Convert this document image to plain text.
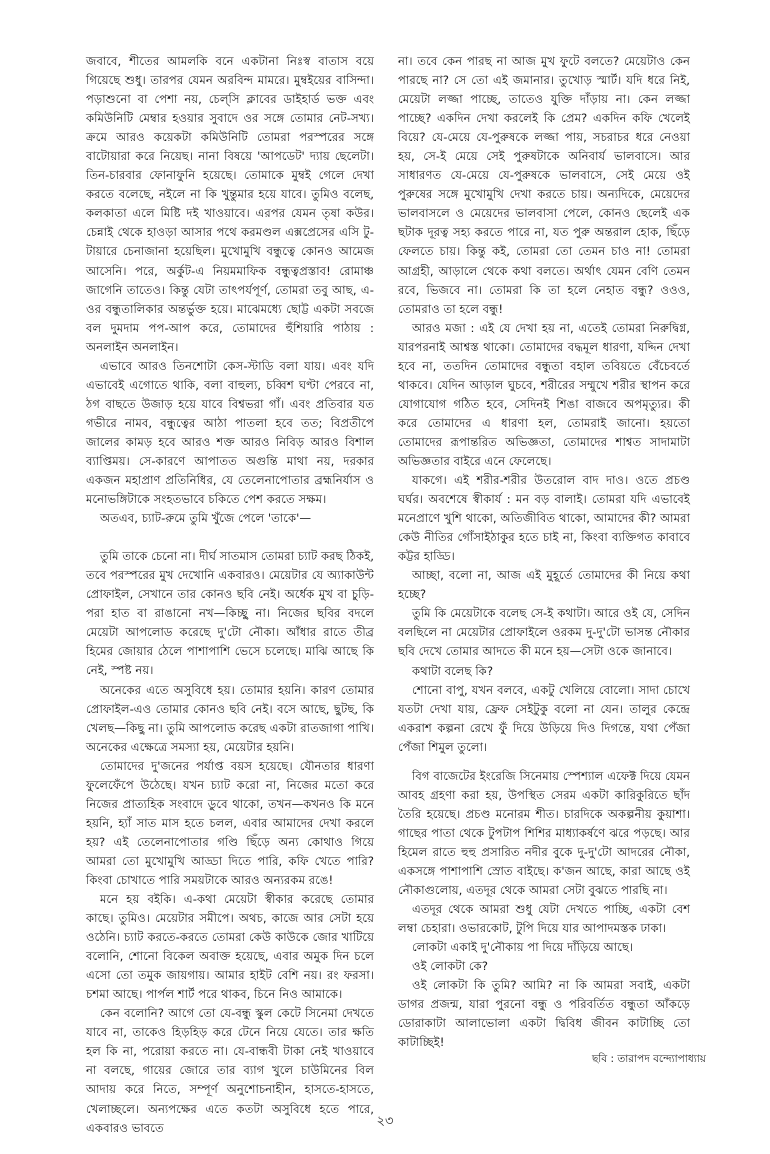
জবাবে, শীতের আমলকি বনে একটানা নিঃস্ব বাতাস বয়ে গিয়েছে শুধু। তারপর যেমন অরবিন্দ মামরে। মুম্বইয়ের বাসিন্দা। পড়াশুনো বা পেশা নয়, চেল্‌সি ক্লাবের ডাইহার্ড ভক্ত এবং কমিউনিটি মেম্বার হওয়ার সুবাদে ওর সঙ্গে তোমার নেট-সখ্য। ক্রমে আরও কয়েকটা কমিউনিটি তোমরা পরস্পরের সঙ্গে বাটোয়ারা করে নিয়েছ। নানা বিষয়ে 'আপডেট' দ্যায় ছেলেটা। তিন-চারবার ফোনাফুনি হয়েছে। তোমাকে মুম্বই গেলে দেখা করতে বলেছে, নইলে না কি খুন্তুমার হয়ে যাবে। তুমিও বলেছ, কলকাতা এলে মিষ্টি দই খাওয়াবে। এরপর যেমন তৃষা কউর। চেন্নাই থেকে হাওড়া আসার পথে করমণ্ডল এক্সপ্রেসের এসি টু-টায়ারে চেনাজানা হয়েছিল। মুখোমুখি বন্ধুত্বে কোনও আমেজ আসেনি। পরে, অর্কুট-এ নিয়মমাফিক বন্ধুত্বপ্রস্তাব! রোমাঞ্চ জাগেনি তাতেও। কিন্তু যেটা তাৎপর্যপূর্ণ, তোমরা তবু আছ, এ-ওর বন্ধুতালিকার অন্তর্ভুক্ত হয়ে। মাঝেমধ্যে ছোট্ট একটা সবজে বল দুমদাম পপ-আপ করে, তোমাদের হুঁশিয়ারি পাঠায় : অনলাইন অনলাইন।

এভাবে আরও তিনশোটা কেস-স্টাডি বলা যায়। এবং যদি এভাবেই এগোতে থাকি, বলা বাহুল্য, চব্বিশ ঘণ্টা পেরবে না, ঠগ বাছতে উজাড় হয়ে যাবে বিশ্বভরা গাঁ। এবং প্রতিবার যত গভীরে নামব, বন্ধুত্বের আঠা পাতলা হবে তত; বিপ্রতীপে জালের কামড় হবে আরও শক্ত আরও নিবিড় আরও বিশাল ব্যাপ্তিময়। সে-কারণে আপাতত অগুন্তি মাথা নয়, দরকার একজন মহাপ্রাণ প্রতিনিধির, যে তেলেনাপোতার ব্রহ্মনির্যাস ও মনোভঙ্গিটাকে সংহতভাবে চকিতে পেশ করতে সক্ষম।

অতএব, চ্যাট-রুমে তুমি খুঁজে পেলে 'তাকে'—

তুমি তাকে চেনো না। দীর্ঘ সাতমাস তোমরা চ্যাট করছ ঠিকই, তবে পরস্পরের মুখ দেখোনি একবারও। মেয়েটার যে অ্যাকাউন্ট প্রোফাইল, সেখানে তার কোনও ছবি নেই। অর্ধেক মুখ বা চুড়ি-পরা হাত বা রাঙানো নখ—কিচ্ছু না। নিজের ছবির বদলে মেয়েটা আপলোড করেছে দু'টো নৌকা। আঁধার রাতে তীব্র হিমের জোয়ার ঠেলে পাশাপাশি ভেসে চলেছে। মাঝি আছে কি নেই, স্পষ্ট নয়।

অনেকের এতে অসুবিধে হয়। তোমার হয়নি। কারণ তোমার প্রোফাইল-এও তোমার কোনও ছবি নেই। বসে আছে, ছুটছ, কি খেলছ—কিছু না। তুমি আপলোড করেছ একটা রাতজাগা পাখি। অনেকের এক্ষেত্রে সমস্যা হয়, মেয়েটার হয়নি।

তোমাদের দু'জনের পর্যাপ্ত বয়স হয়েছে। যৌনতার ধারণা ফুলেফেঁপে উঠেছে। যখন চ্যাট করো না, নিজের মতো করে নিজের প্রাত্যহিক সংবাদে ডুবে থাকো, তখন—কখনও কি মনে হয়নি, হ্যাঁ সাত মাস হতে চলল, এবার আমাদের দেখা করলে হয়? এই তেলেনাপোতার গণ্ডি ছিঁড়ে অন্য কোথাও গিয়ে আমরা তো মুখোমুখি আড্ডা দিতে পারি, কফি খেতে পারি? কিংবা চোখাতে পারি সময়টাকে আরও অন্যরকম রঙে!

মনে হয় বইকি। এ-কথা মেয়েটা স্বীকার করেছে তোমার কাছে। তুমিও। মেয়েটার সমীপে। অথচ, কাজে আর সেটা হয়ে ওঠেনি। চ্যাট করতে-করতে তোমরা কেউ কাউকে জোর খাটিয়ে বলোনি, শোনো বিকেল অবাক্ত হয়েছে, এবার অমুক দিন চলে এসো তো তমুক জায়গায়। আমার হাইট বেশি নয়। রং ফরসা। চশমা আছে। পার্পল শার্ট পরে থাকব, চিনে নিও আমাকে।

কেন বলোনি? আগে তো যে-বন্ধু স্কুল কেটে সিনেমা দেখতে যাবে না, তাকেও হিড়হিড় করে টেনে নিয়ে যেতে। তার ক্ষতি হল কি না, পরোয়া করতে না। যে-বান্ধবী টাকা নেই খাওয়াবে না বলছে, গায়ের জোরে তার ব্যাগ খুলে চাউমিনের বিল আদায় করে নিতে, সম্পূর্ণ অনুশোচনাহীন, হাসতে-হাসতে, খেলাচ্ছলে। অন্যপক্ষের এতে কতটা অসুবিধে হতে পারে, একবারও ভাবতে

না। তবে কেন পারছ না আজ মুখ ফুটে বলতে? মেয়েটাও কেন পারছে না? সে তো এই জমানার। তুখোড় স্মার্ট। যদি ধরে নিই, মেয়েটা লজ্জা পাচ্ছে, তাতেও যুক্তি দাঁড়ায় না। কেন লজ্জা পাচ্ছে? একদিন দেখা করলেই কি প্রেম? একদিন কফি খেলেই বিয়ে? যে-মেয়ে যে-পুরুষকে লজ্জা পায়, সচরাচর ধরে নেওয়া হয়, সে-ই মেয়ে সেই পুরুষটাকে অনিবার্য ভালবাসে। আর সাধারণত যে-মেয়ে যে-পুরুষকে ভালবাসে, সেই মেয়ে ওই পুরুষের সঙ্গে মুখোমুখি দেখা করতে চায়। অন্যদিকে, মেয়েদের ভালবাসলে ও মেয়েদের ভালবাসা পেলে, কোনও ছেলেই এক ছটাক দূরত্ব সহ্য করতে পারে না, যত পুরু অন্তরাল হোক, ছিঁড়ে ফেলতে চায়। কিন্তু কই, তোমরা তো তেমন চাও না! তোমরা আগ্রহী, আড়ালে থেকে কথা বলতে। অর্থাৎ যেমন বেণি তেমন রবে, ভিজবে না। তোমরা কি তা হলে নেহাত বন্ধু? ওওও, তোমরাও তা হলে বন্ধু!

আরও মজা : এই যে দেখা হয় না, এতেই তোমরা নিরুদ্বিগ্ন, যারপরনাই আশ্বস্ত থাকো। তোমাদের বদ্ধমূল ধারণা, যদ্দিন দেখা হবে না, ততদিন তোমাদের বন্ধুতা বহাল তবিয়তে বেঁচেবর্তে থাকবে। যেদিন আড়াল ঘুচবে, শরীরের সম্মুখে শরীর স্থাপন করে যোগাযোগ গঠিত হবে, সেদিনই শিঙা বাজবে অপমৃত্যুর। কী করে তোমাদের এ ধারণা হল, তোমরাই জানো। হয়তো তোমাদের রূপান্তরিত অভিজ্ঞতা, তোমাদের শাশ্বত সাদামাটা অভিজ্ঞতার বাইরে এনে ফেলেছে।

যাকগে। এই শরীর-শরীর উতরোল বাদ দাও। ওতে প্রচণ্ড ঘর্ঘর। অবশেষে স্বীকার্য : মন বড় বালাই। তোমরা যদি এভাবেই মনেপ্রাণে খুশি থাকো, অতিজীবিত থাকো, আমাদের কী? আমরা কেউ নীতির গোঁসাইঠাকুর হতে চাই না, কিংবা ব্যক্তিগত কাবাবে কট্টর হাড্ডি।

আচ্ছা, বলো না, আজ এই মুহূর্তে তোমাদের কী নিয়ে কথা হচ্ছে?

তুমি কি মেয়েটাকে বলেছ সে-ই কথাটা। আরে ওই যে, সেদিন বলছিলে না মেয়েটার প্রোফাইলে ওরকম দু-দু'টো ভাসন্ত নৌকার ছবি দেখে তোমার আদতে কী মনে হয়—সেটা ওকে জানাবে।

কথাটা বলেছ কি?

শোনো বাপু, যখন বলবে, একটু খেলিয়ে বোলো। সাদা চোখে যতটা দেখা যায়, ফ্রেফ সেইটুকু বলো না যেন। তালুর কেন্দ্রে একরাশ কল্পনা রেখে ফুঁ দিয়ে উড়িয়ে দিও দিগন্তে, যথা পেঁজা পেঁজা শিমুল তুলো।

বিগ বাজেটের ইংরেজি সিনেমায় স্পেশ্যাল এফেক্ট দিয়ে যেমন আবহ গ্রহণা করা হয়, উপস্থিত সেরম একটা কারিকুরিতে ছাঁদ তৈরি হয়েছে। প্রচণ্ড মনোরম শীত। চারদিকে অকল্পনীয় কুয়াশা। গাছের পাতা থেকে টুপটাপ শিশির মাধ্যাকর্ষণে ঝরে পড়ছে। আর হিমেল রাতে হুহু প্রসারিত নদীর বুকে দু-দু'টো আদরের নৌকা, একসঙ্গে পাশাপাশি স্রোত বাইছে। ক'জন আছে, কারা আছে ওই নৌকাগুলোয়, এতদূর থেকে আমরা সেটা বুঝতে পারছি না।

এতদূর থেকে আমরা শুধু যেটা দেখতে পাচ্ছি, একটা বেশ লম্বা চেহারা। ওভারকোট, টুপি দিয়ে যার আপাদমস্তক ঢাকা।

লোকটা একাই দু'নৌকায় পা দিয়ে দাঁড়িয়ে আছে।

ওই লোকটা কে?

ওই লোকটা কি তুমি? আমি? না কি আমরা সবাই, একটা ডাগর প্রজন্ম, যারা পুরনো বন্ধু ও পরিবর্তিত বন্ধুতা আঁকড়ে ডোরাকাটা আলাভোলা একটা দ্বিবিধ জীবন কাটাচ্ছি তো কাটাচ্ছিই!

ছবি : তারাপদ বন্দ্যোপাধ্যায়
২৩
